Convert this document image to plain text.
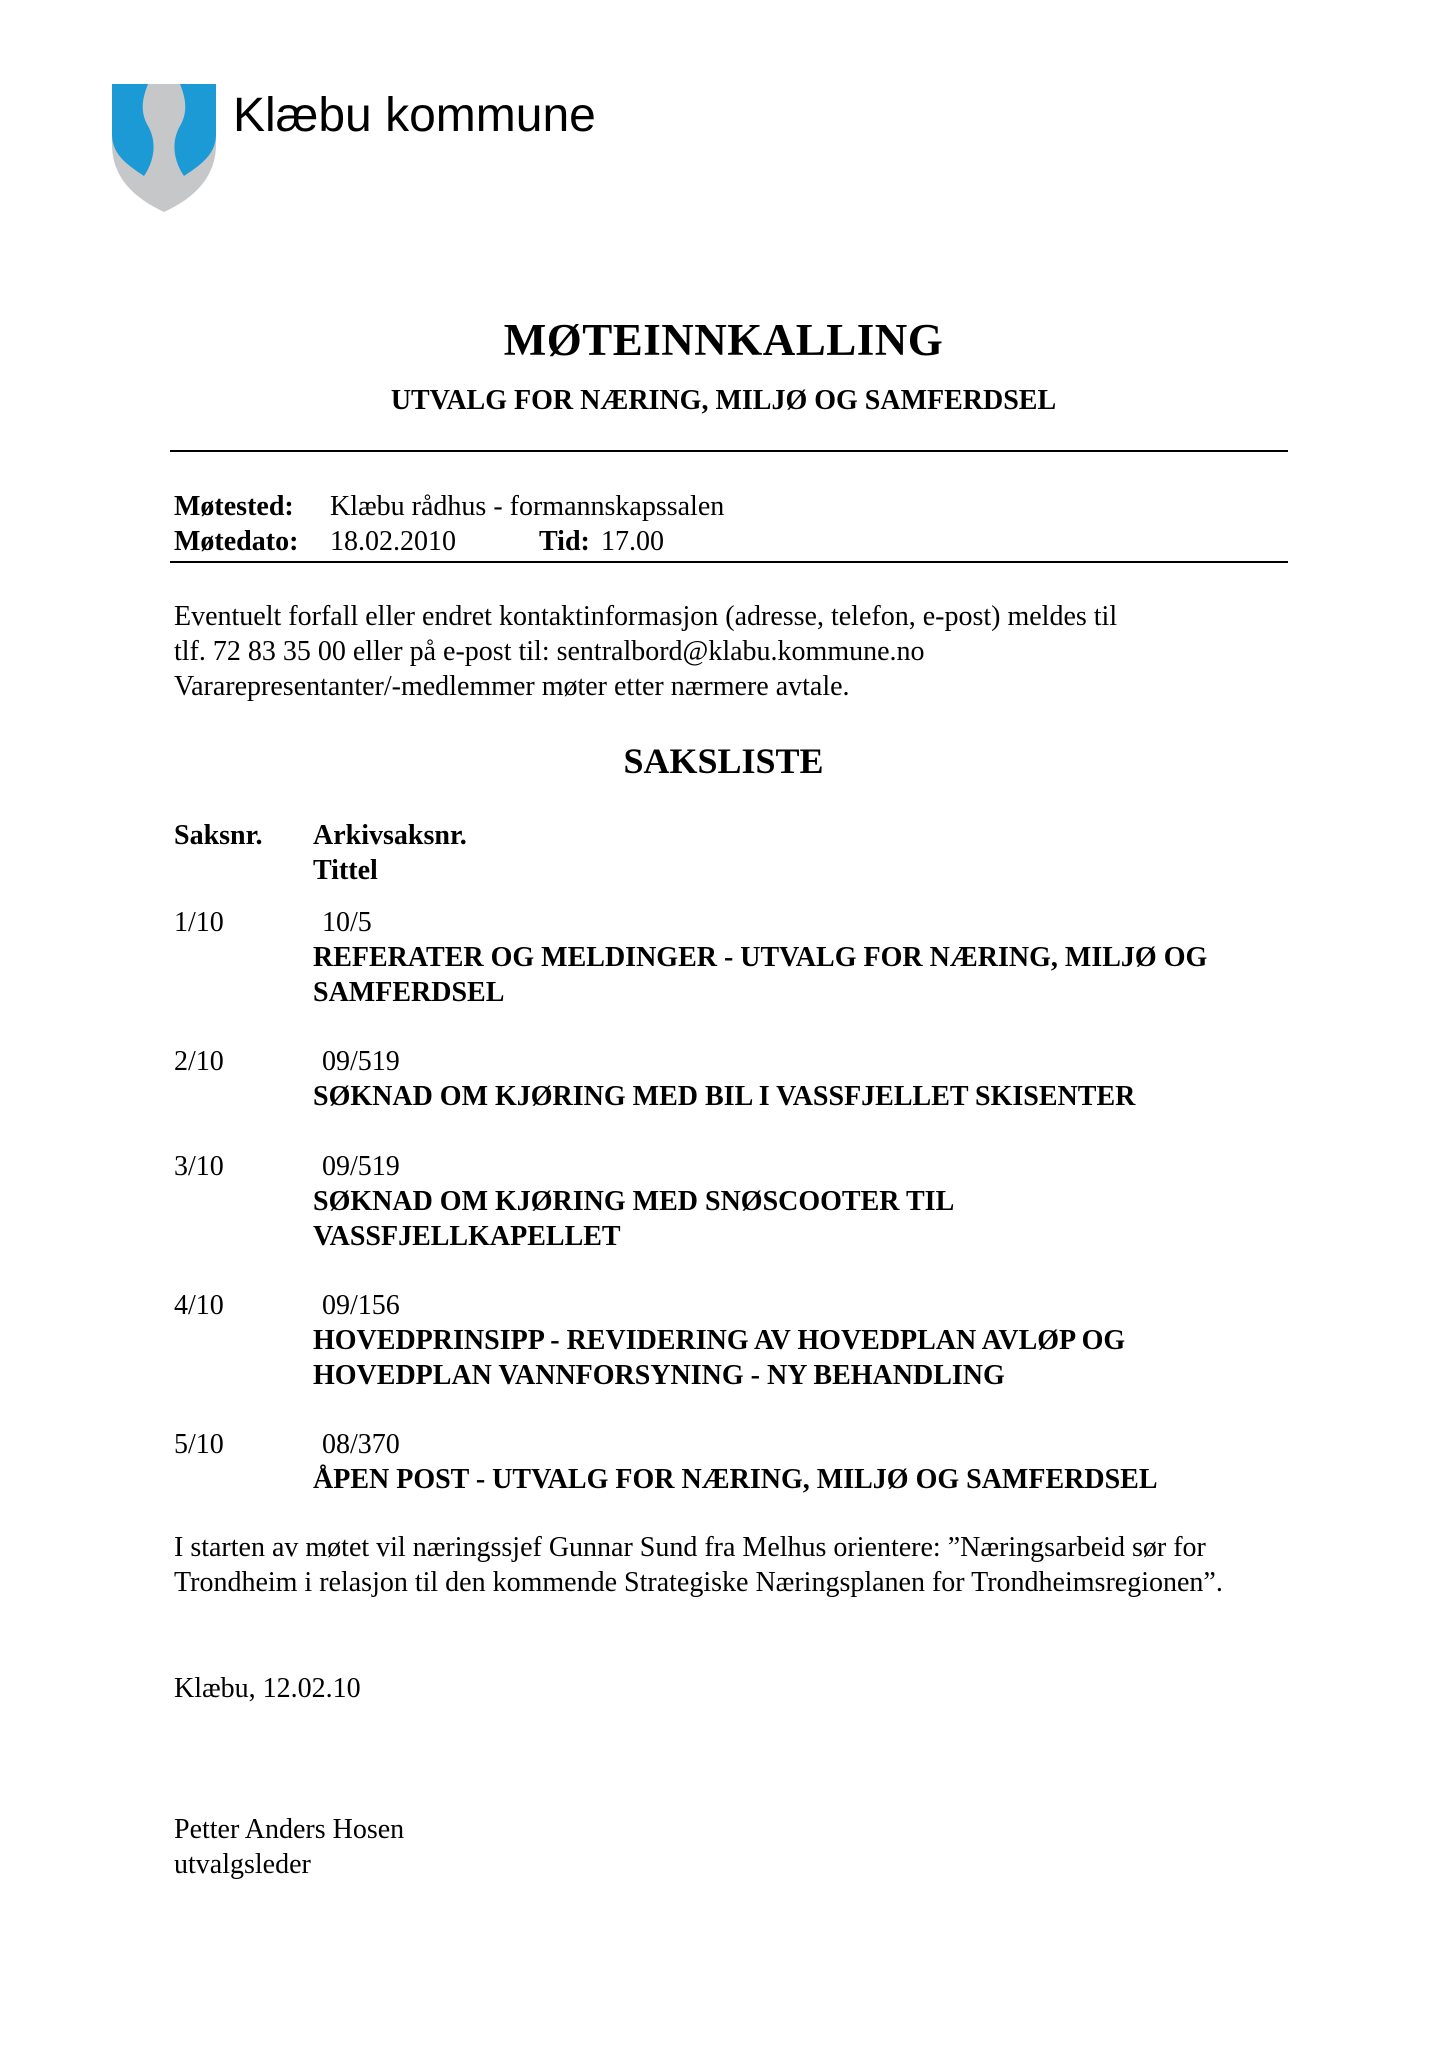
Klæbu kommune
MØTEINNKALLING
UTVALG FOR NÆRING, MILJØ OG SAMFERDSEL
Møtested: Klæbu rådhus - formannskapssalen
Møtedato: 18.02.2010	Tid: 17.00
Eventuelt forfall eller endret kontaktinformasjon (adresse, telefon, e-post) meldes til
tlf. 72 83 35 00 eller på e-post til: sentralbord@klabu.kommune.no
Vararepresentanter/-medlemmer møter etter nærmere avtale.
SAKSLISTE
Saksnr. Arkivsaksnr.
Tittel
1/10	10/5
REFERATER OG MELDINGER - UTVALG FOR NÆRING, MILJØ OG SAMFERDSEL
2/10	09/519
SØKNAD OM KJØRING MED BIL I VASSFJELLET SKISENTER
3/10	09/519
SØKNAD OM KJØRING MED SNØSCOOTER TIL VASSFJELLKAPELLET
4/10	09/156
HOVEDPRINSIPP - REVIDERING AV HOVEDPLAN AVLØP OG HOVEDPLAN VANNFORSYNING - NY BEHANDLING
5/10	08/370
ÅPEN POST - UTVALG FOR NÆRING, MILJØ OG SAMFERDSEL
I starten av møtet vil næringssjef Gunnar Sund fra Melhus orientere: ”Næringsarbeid sør for
Trondheim i relasjon til den kommende Strategiske Næringsplanen for Trondheimsregionen”.
Klæbu, 12.02.10
Petter Anders Hosen
utvalgsleder
